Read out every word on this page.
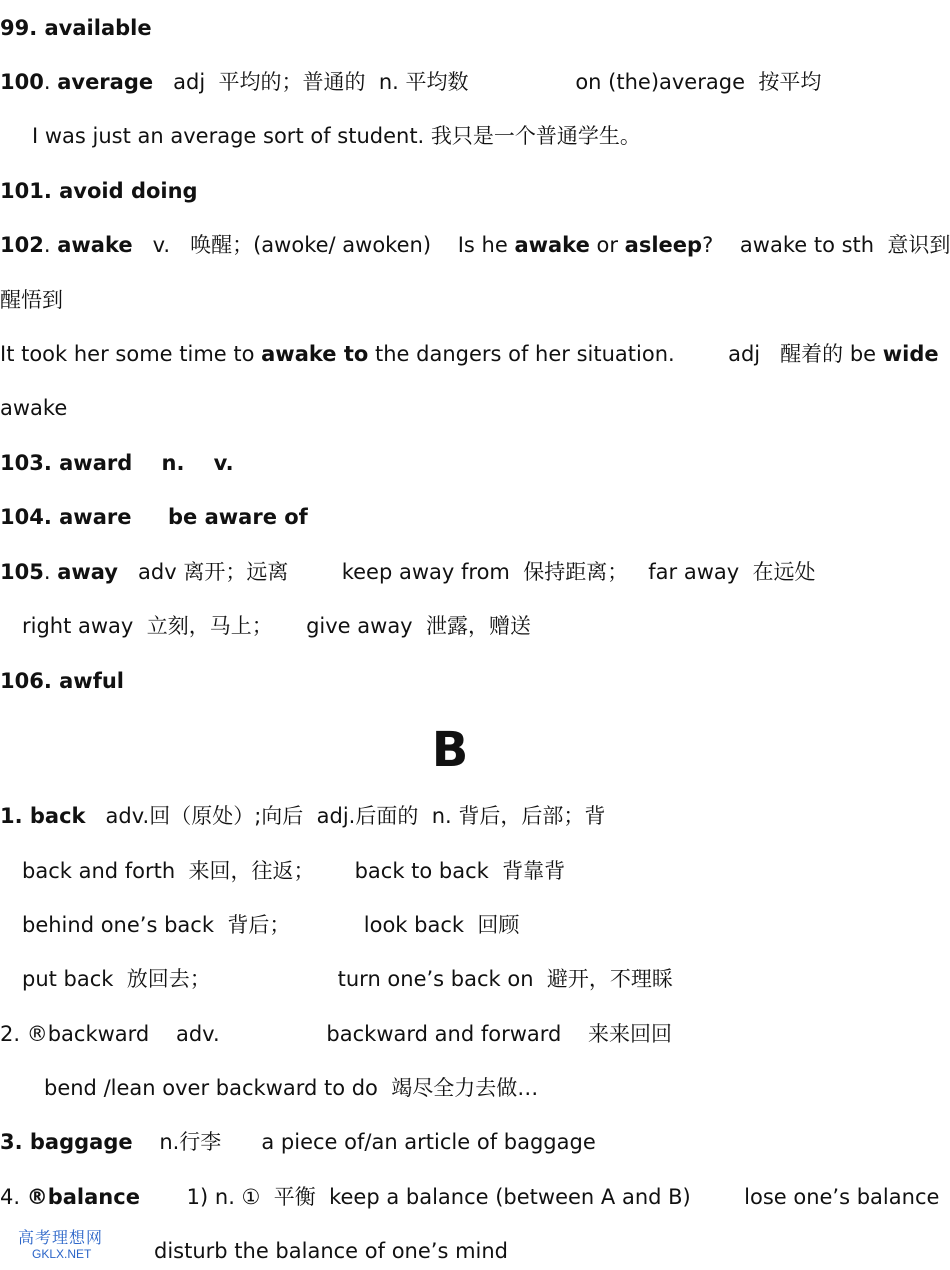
99. available
100. average   adj  平均的；普通的  n. 平均数                on (the)average  按平均
I was just an average sort of student. 我只是一个普通学生。
101. avoid doing
102. awake   v.   唤醒；(awoke/ awoken)    Is he awake or asleep?    awake to sth  意识到
醒悟到
It took her some time to awake to the dangers of her situation.        adj   醒着的 be wide
awake
103. award    n.    v.
104. aware     be aware of
105. away   adv 离开；远离        keep away from  保持距离；   far away  在远处
right away  立刻，马上；     give away  泄露，赠送
106. awful
B
1. back   adv.回（原处）;向后  adj.后面的  n. 背后，后部；背
back and forth  来回，往返；      back to back  背靠背
behind one’s back  背后；           look back  回顾
put back  放回去；                   turn one’s back on  避开，不理睬
2. ®backward    adv.                backward and forward    来来回回
bend /lean over backward to do  竭尽全力去做…
3. baggage    n.行李      a piece of/an article of baggage
4. ®balance       1) n. ①  平衡  keep a balance (between A and B)        lose one’s balance
disturb the balance of one’s mind
高考理想网
GKLX.NET
